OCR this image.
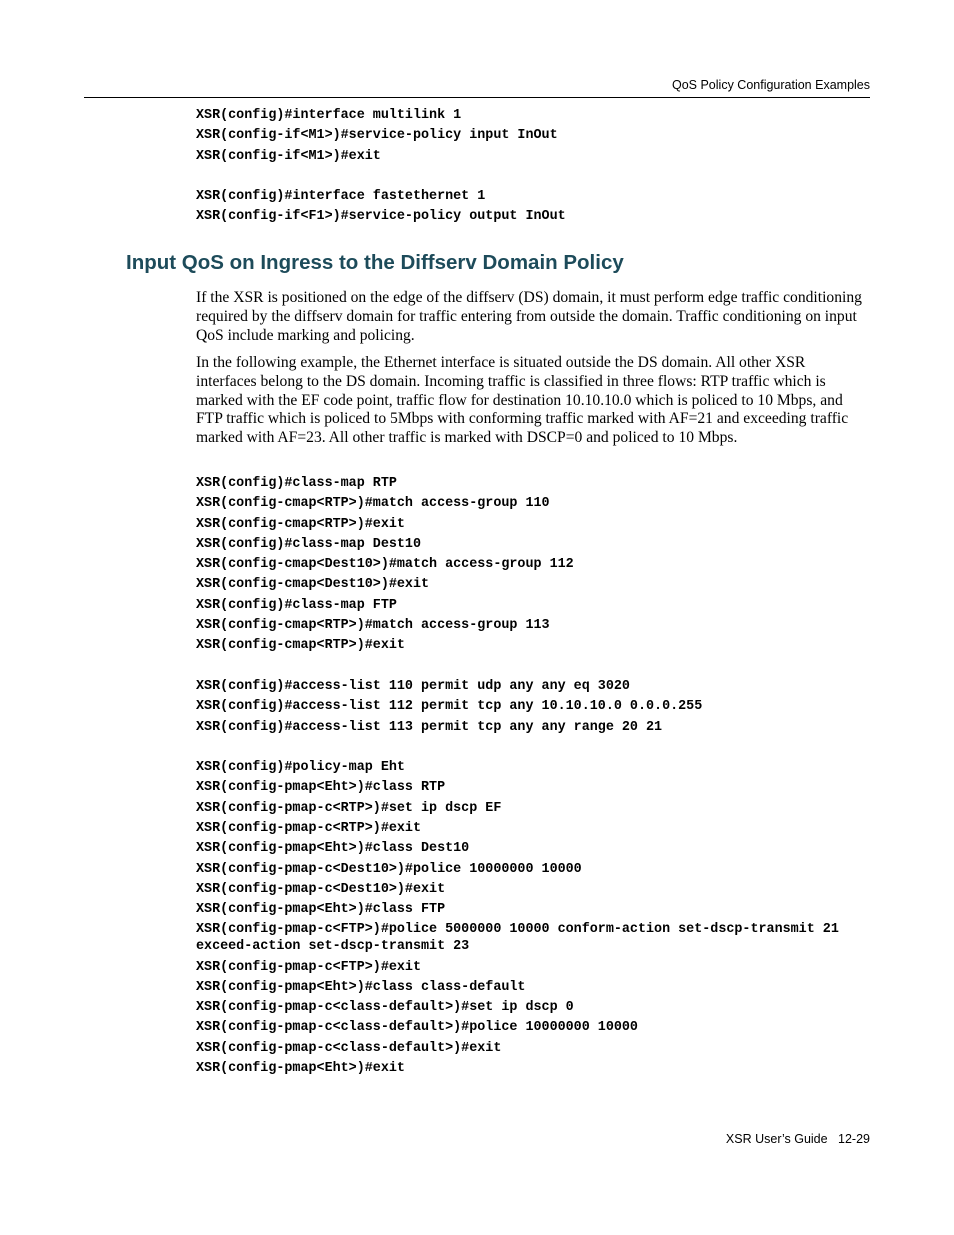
QoS Policy Configuration Examples
XSR(config)#interface multilink 1
XSR(config-if<M1>)#service-policy input InOut
XSR(config-if<M1>)#exit
XSR(config)#interface fastethernet 1
XSR(config-if<F1>)#service-policy output InOut
Input QoS on Ingress to the Diffserv Domain Policy

If the XSR is positioned on the edge of the diffserv (DS) domain, it must perform edge traffic conditioning required by the diffserv domain for traffic entering from outside the domain. Traffic conditioning on input QoS include marking and policing.

In the following example, the Ethernet interface is situated outside the DS domain. All other XSR interfaces belong to the DS domain. Incoming traffic is classified in three flows: RTP traffic which is marked with the EF code point, traffic flow for destination 10.10.10.0 which is policed to 10 Mbps, and FTP traffic which is policed to 5Mbps with conforming traffic marked with AF=21 and exceeding traffic marked with AF=23. All other traffic is marked with DSCP=0 and policed to 10 Mbps.

XSR(config)#class-map RTP
XSR(config-cmap<RTP>)#match access-group 110
XSR(config-cmap<RTP>)#exit
XSR(config)#class-map Dest10
XSR(config-cmap<Dest10>)#match access-group 112
XSR(config-cmap<Dest10>)#exit
XSR(config)#class-map FTP
XSR(config-cmap<RTP>)#match access-group 113
XSR(config-cmap<RTP>)#exit
XSR(config)#access-list 110 permit udp any any eq 3020
XSR(config)#access-list 112 permit tcp any 10.10.10.0 0.0.0.255
XSR(config)#access-list 113 permit tcp any any range 20 21
XSR(config)#policy-map Eht
XSR(config-pmap<Eht>)#class RTP
XSR(config-pmap-c<RTP>)#set ip dscp EF
XSR(config-pmap-c<RTP>)#exit
XSR(config-pmap<Eht>)#class Dest10
XSR(config-pmap-c<Dest10>)#police 10000000 10000
XSR(config-pmap-c<Dest10>)#exit
XSR(config-pmap<Eht>)#class FTP
XSR(config-pmap-c<FTP>)#police 5000000 10000 conform-action set-dscp-transmit 21 exceed-action set-dscp-transmit 23
XSR(config-pmap-c<FTP>)#exit
XSR(config-pmap<Eht>)#class class-default
XSR(config-pmap-c<class-default>)#set ip dscp 0
XSR(config-pmap-c<class-default>)#police 10000000 10000
XSR(config-pmap-c<class-default>)#exit
XSR(config-pmap<Eht>)#exit
XSR User’s Guide 12-29
